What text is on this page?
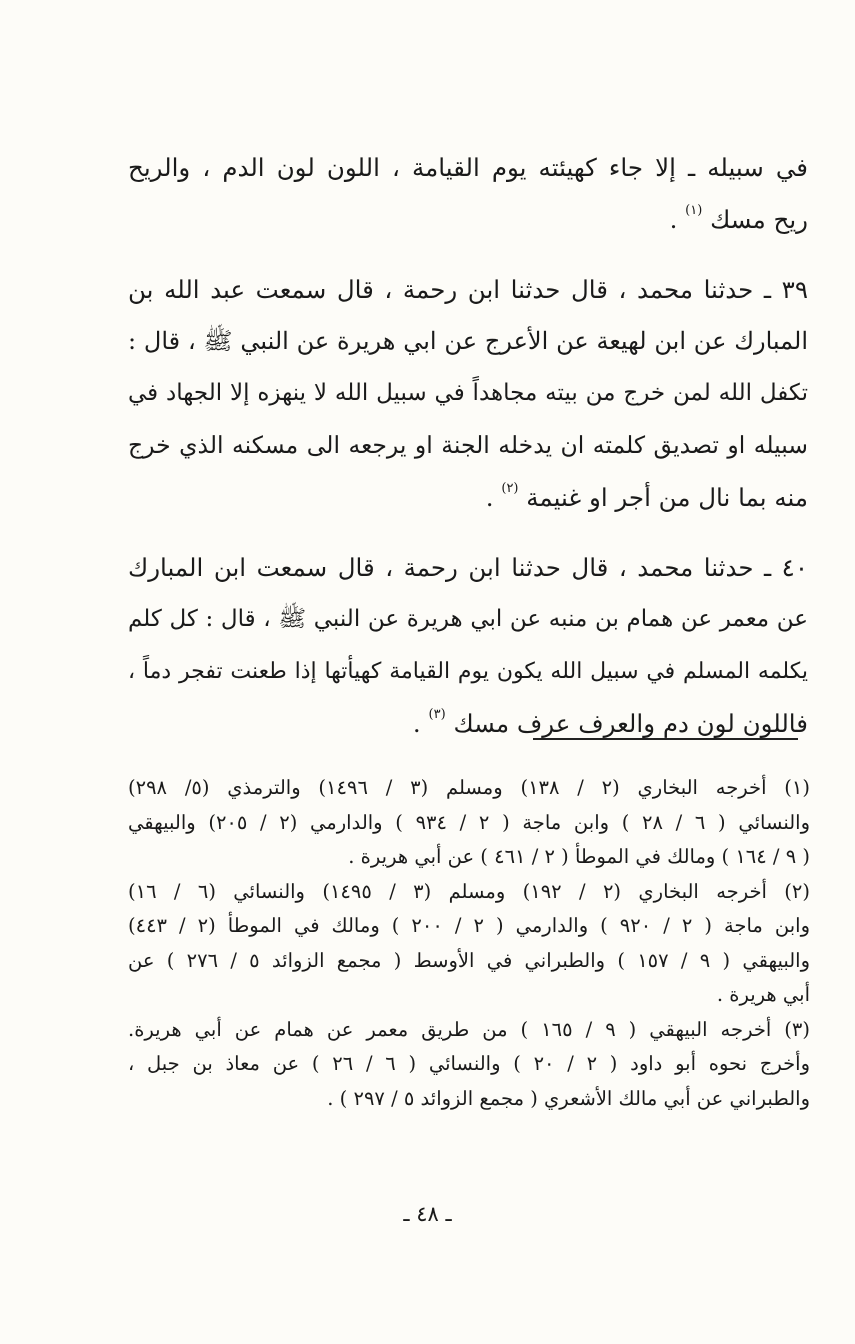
في سبيله ـ إلا جاء كهيئته يوم القيامة ، اللون لون الدم ، والريح
ريح مسك $^{(١)}$ .
٣٩ ـ حدثنا محمد ، قال حدثنا ابن رحمة ، قال سمعت عبد الله بن
المبارك عن ابن لهيعة عن الأعرج عن ابي هريرة عن النبي ﷺ ، قال :
تكفل الله لمن خرج من بيته مجاهداً في سبيل الله لا ينهزه إلا الجهاد في
سبيله او تصديق كلمته ان يدخله الجنة او يرجعه الى مسكنه الذي خرج
منه بما نال من أجر او غنيمة $^{(٢)}$ .
٤٠ ـ حدثنا محمد ، قال حدثنا ابن رحمة ، قال سمعت ابن المبارك
عن معمر عن همام بن منبه عن ابي هريرة عن النبي ﷺ ، قال : كل كلم
يكلمه المسلم في سبيل الله يكون يوم القيامة كهيأتها إذا طعنت تفجر دماً ،
فاللون لون دم والعرف عرف مسك $^{(٣)}$ .
(١) أخرجه البخاري (٢ / ١٣٨) ومسلم (٣ / ١٤٩٦) والترمذي (٥/ ٢٩٨)
والنسائي ( ٦ / ٢٨ ) وابن ماجة ( ٢ / ٩٣٤ ) والدارمي (٢ / ٢٠٥) والبيهقي
( ٩ / ١٦٤ ) ومالك في الموطأ ( ٢ / ٤٦١ ) عن أبي هريرة .
(٢) أخرجه البخاري (٢ / ١٩٢) ومسلم (٣ / ١٤٩٥) والنسائي (٦ / ١٦)
وابن ماجة ( ٢ / ٩٢٠ ) والدارمي ( ٢ / ٢٠٠ ) ومالك في الموطأ (٢ / ٤٤٣)
والبيهقي ( ٩ / ١٥٧ ) والطبراني في الأوسط ( مجمع الزوائد ٥ / ٢٧٦ ) عن
أبي هريرة .
(٣) أخرجه البيهقي ( ٩ / ١٦٥ ) من طريق معمر عن همام عن أبي هريرة.
وأخرج نحوه أبو داود ( ٢ / ٢٠ ) والنسائي ( ٦ / ٢٦ ) عن معاذ بن جبل ،
والطبراني عن أبي مالك الأشعري ( مجمع الزوائد ٥ / ٢٩٧ ) .
ـ ٤٨ ـ
